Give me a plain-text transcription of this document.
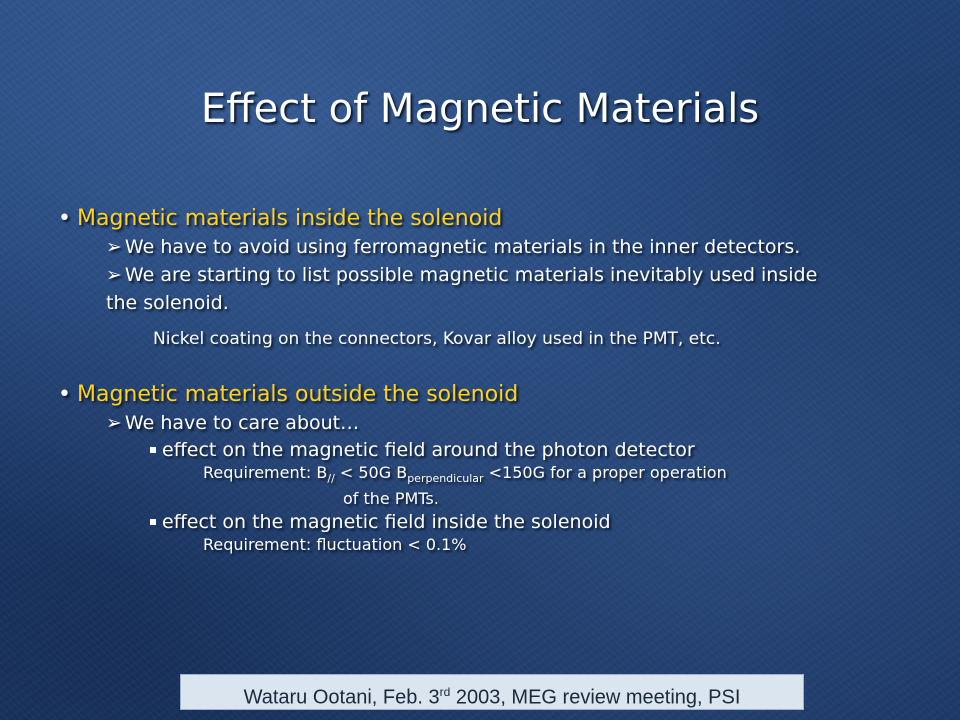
Effect of Magnetic Materials
• Magnetic materials inside the solenoid
➢ We have to avoid using ferromagnetic materials in the inner detectors.
➢ We are starting to list possible magnetic materials inevitably used inside
the solenoid.
Nickel coating on the connectors, Kovar alloy used in the PMT, etc.
• Magnetic materials outside the solenoid
➢ We have to care about…
effect on the magnetic field around the photon detector
Requirement: $B_{//} < 50G$ $B_{perpendicular} <150G$ for a proper operation
of the PMTs.
effect on the magnetic field inside the solenoid
Requirement: fluctuation < 0.1%
Wataru Ootani, Feb. 3rd 2003, MEG review meeting, PSI
